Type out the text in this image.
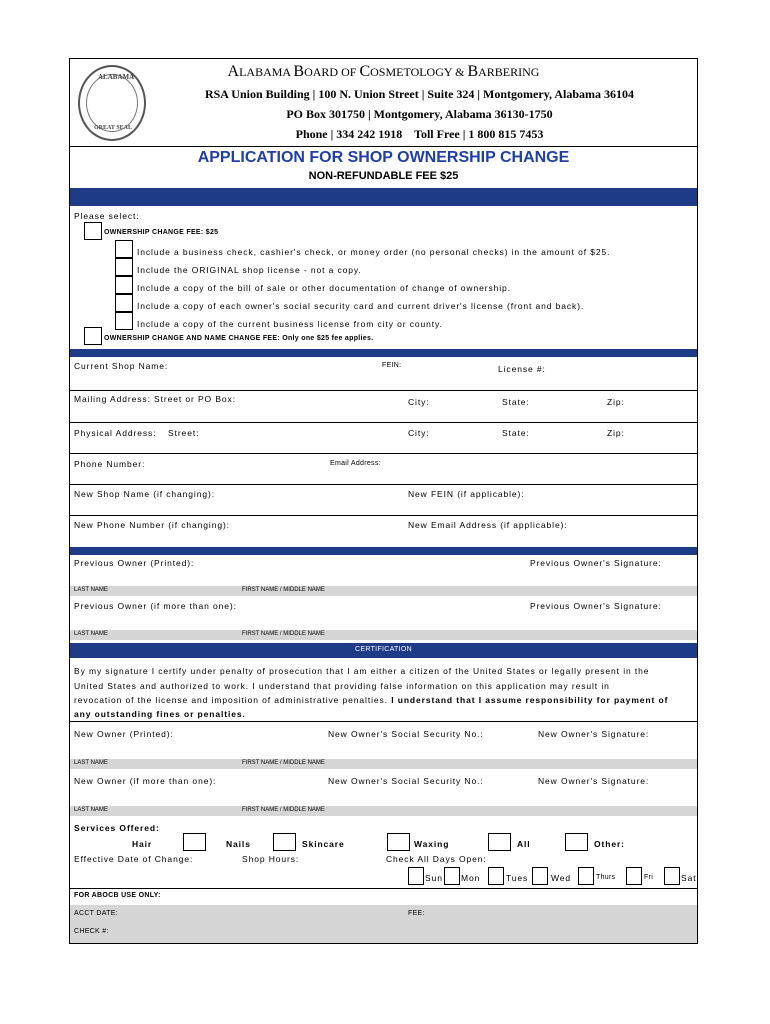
ALABAMA
GREAT SEAL
ALABAMA BOARD OF COSMETOLOGY & BARBERING
RSA Union Building | 100 N. Union Street | Suite 324 | Montgomery, Alabama 36104
PO Box 301750 | Montgomery, Alabama 36130-1750
Phone | 334 242 1918    Toll Free | 1 800 815 7453
APPLICATION FOR SHOP OWNERSHIP CHANGE
NON-REFUNDABLE FEE $25
Please select:
OWNERSHIP CHANGE FEE: $25
Include a business check, cashier's check, or money order (no personal checks) in the amount of $25.
Include the ORIGINAL shop license - not a copy.
Include a copy of the bill of sale or other documentation of change of ownership.
Include a copy of each owner's social security card and current driver's license (front and back).
Include a copy of the current business license from city or county.
OWNERSHIP CHANGE AND NAME CHANGE FEE: Only one $25 fee applies.
Current Shop Name:	FEIN:	License #:
Mailing Address: Street or PO Box:	City:	State:	Zip:
Physical Address: Street:	City:	State:	Zip:
Phone Number:	Email Address:
New Shop Name (if changing):	New FEIN (if applicable):
New Phone Number (if changing):	New Email Address (if applicable):
Previous Owner (Printed):	Previous Owner's Signature:
LAST NAME	FIRST NAME / MIDDLE NAME
Previous Owner (if more than one):	Previous Owner's Signature:
LAST NAME	FIRST NAME / MIDDLE NAME
CERTIFICATION
By my signature I certify under penalty of prosecution that I am either a citizen of the United States or legally present in the
United States and authorized to work. I understand that providing false information on this application may result in
revocation of the license and imposition of administrative penalties. I understand that I assume responsibility for payment of
any outstanding fines or penalties.
New Owner (Printed):	New Owner's Social Security No.:	New Owner's Signature:
LAST NAME	FIRST NAME / MIDDLE NAME
New Owner (if more than one):	New Owner's Social Security No.:	New Owner's Signature:
LAST NAME	FIRST NAME / MIDDLE NAME
Services Offered:
Hair	Nails	Skincare	Waxing	All	Other:
Effective Date of Change:	Shop Hours:	Check All Days Open:
Sun Mon	Tues	Wed	Thurs	Fri	Sat
FOR ABOCB USE ONLY:
ACCT DATE:	FEE:
CHECK #:
